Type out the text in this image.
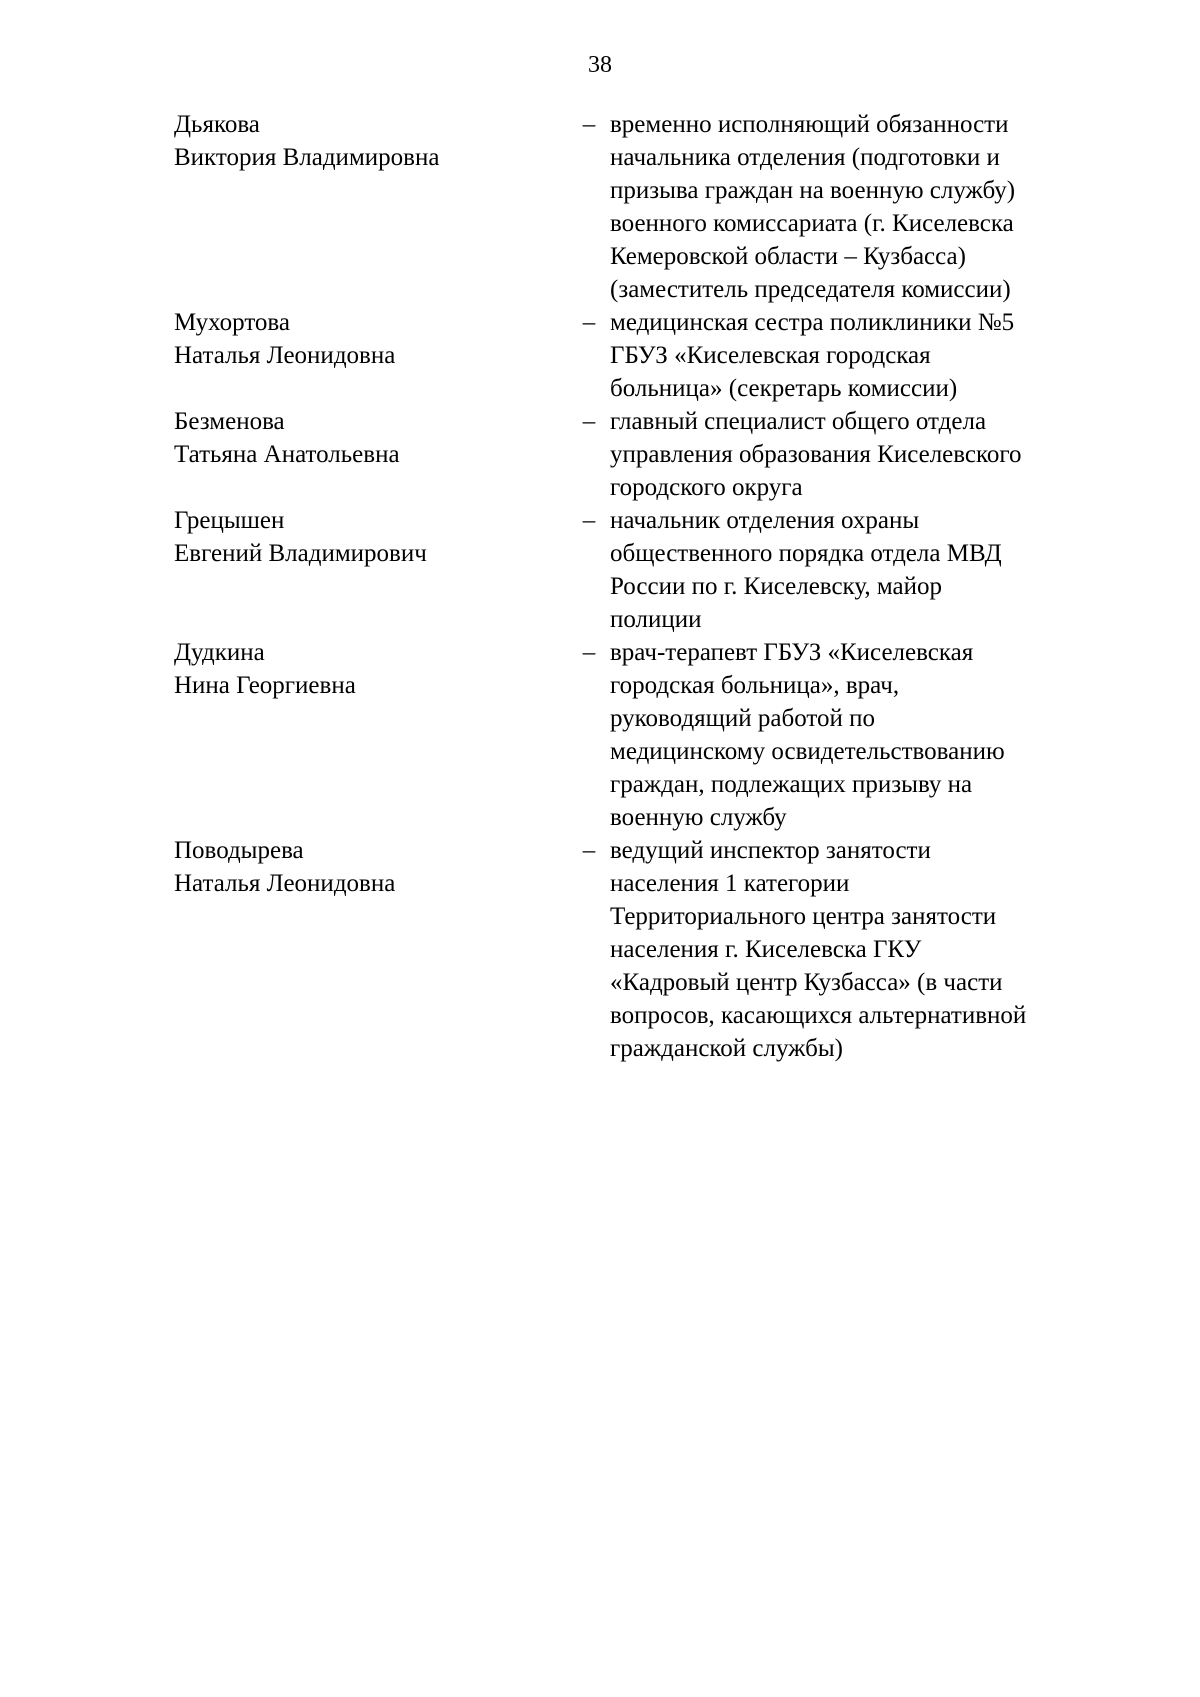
38
Дьякова
Виктория Владимировна
– временно исполняющий обязанности
начальника отделения (подготовки и
призыва граждан на военную службу)
военного комиссариата (г. Киселевска
Кемеровской области – Кузбасса)
(заместитель председателя комиссии)
Мухортова
Наталья Леонидовна
– медицинская сестра поликлиники №5
ГБУЗ «Киселевская городская
больница» (секретарь комиссии)
Безменова
Татьяна Анатольевна
– главный специалист общего отдела
управления образования Киселевского
городского округа
Грецышен
Евгений Владимирович
– начальник отделения охраны
общественного порядка отдела МВД
России по г. Киселевску, майор
полиции
Дудкина
Нина Георгиевна
– врач-терапевт ГБУЗ «Киселевская
городская больница», врач,
руководящий работой по
медицинскому освидетельствованию
граждан, подлежащих призыву на
военную службу
Поводырева
Наталья Леонидовна
– ведущий инспектор занятости
населения 1 категории
Территориального центра занятости
населения г. Киселевска ГКУ
«Кадровый центр Кузбасса» (в части
вопросов, касающихся альтернативной
гражданской службы)
